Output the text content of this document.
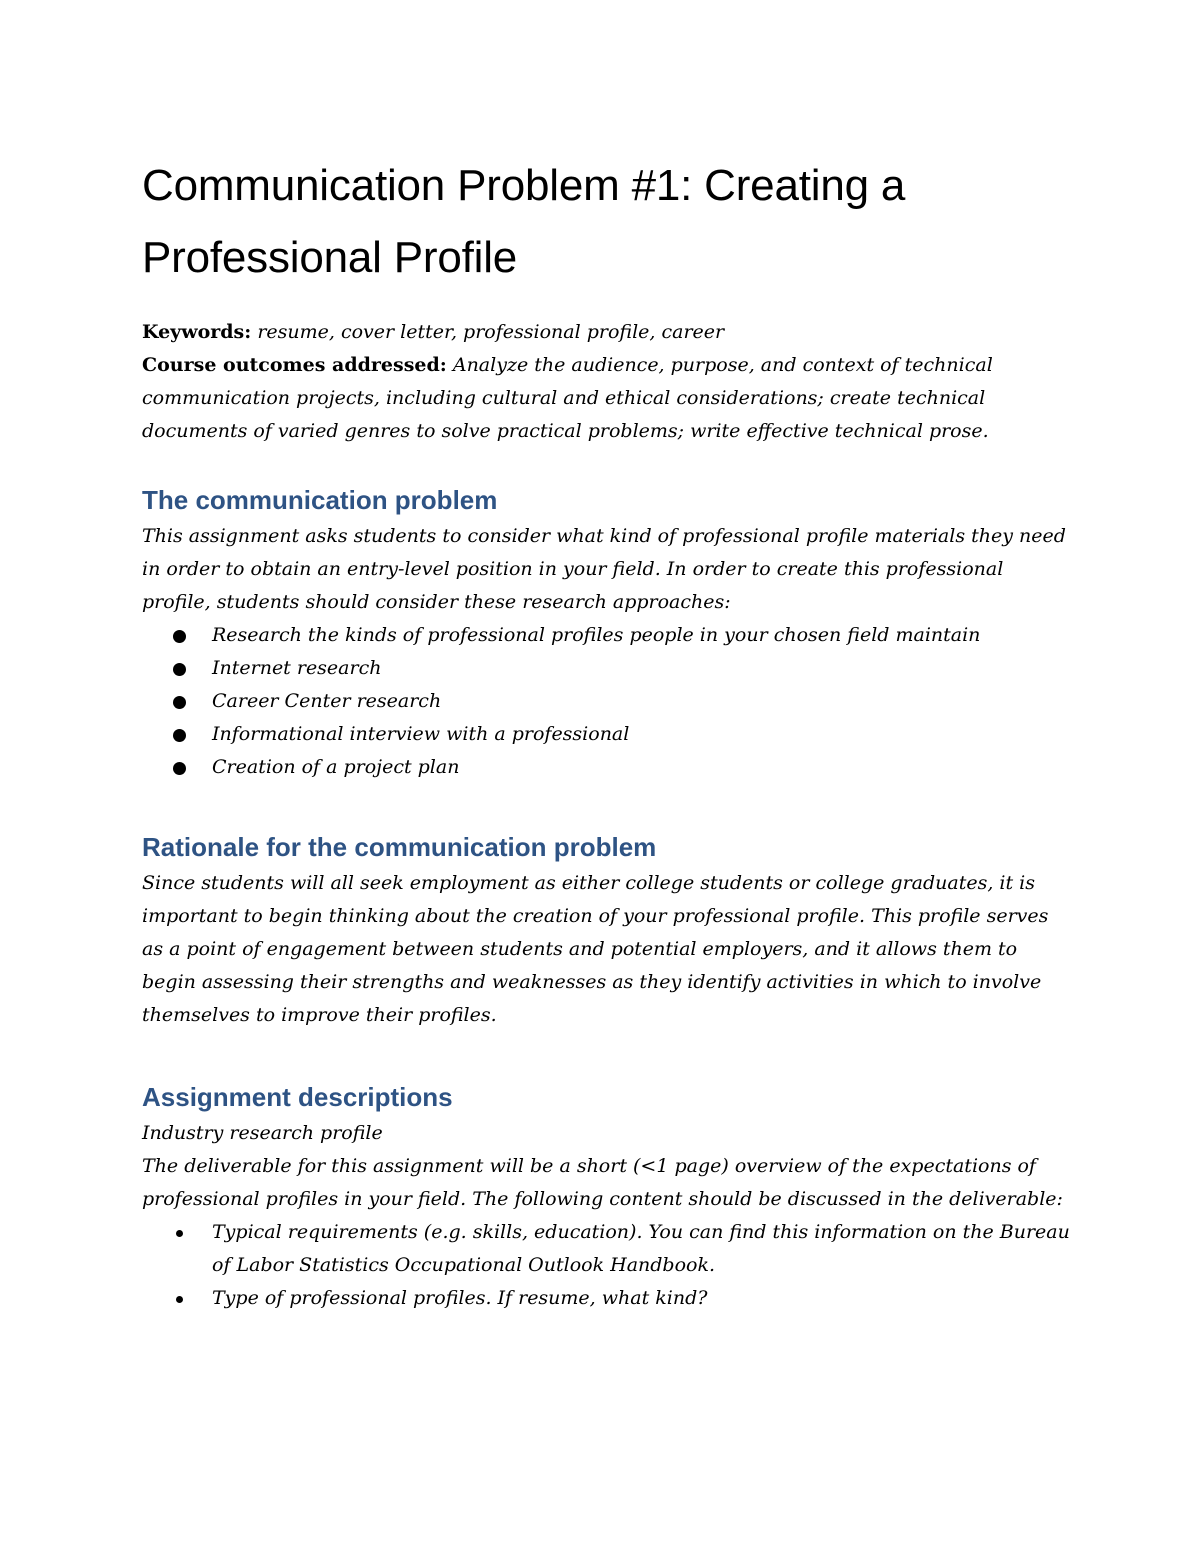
Communication Problem #1: Creating a Professional Profile
Keywords: resume, cover letter, professional profile, career
Course outcomes addressed: Analyze the audience, purpose, and context of technical communication projects, including cultural and ethical considerations; create technical documents of varied genres to solve practical problems; write effective technical prose.
The communication problem

This assignment asks students to consider what kind of professional profile materials they need in order to obtain an entry-level position in your field. In order to create this professional profile, students should consider these research approaches:

Research the kinds of professional profiles people in your chosen field maintain
Internet research
Career Center research
Informational interview with a professional
Creation of a project plan
Rationale for the communication problem

Since students will all seek employment as either college students or college graduates, it is important to begin thinking about the creation of your professional profile. This profile serves as a point of engagement between students and potential employers, and it allows them to begin assessing their strengths and weaknesses as they identify activities in which to involve themselves to improve their profiles.

Assignment descriptions

Industry research profile

The deliverable for this assignment will be a short (<1 page) overview of the expectations of professional profiles in your field. The following content should be discussed in the deliverable:

Typical requirements (e.g. skills, education). You can find this information on the Bureau of Labor Statistics Occupational Outlook Handbook.
Type of professional profiles. If resume, what kind?
